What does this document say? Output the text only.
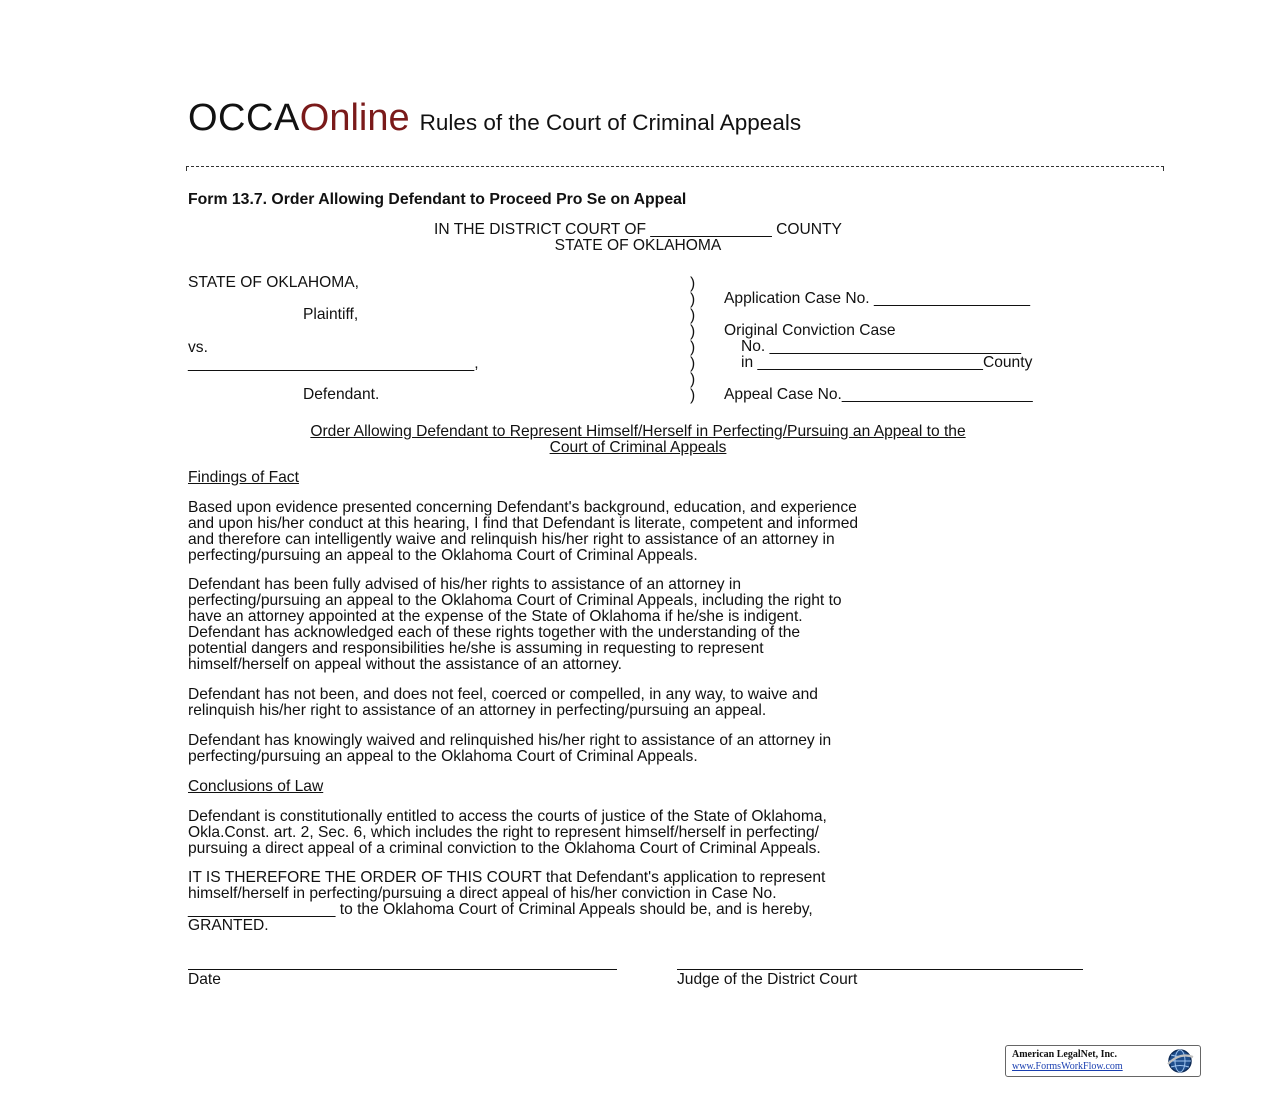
OCCAOnline Rules of the Court of Criminal Appeals
Form 13.7. Order Allowing Defendant to Proceed Pro Se on Appeal
IN THE DISTRICT COURT OF ______________ COUNTY
STATE OF OKLAHOMA
STATE OF OKLAHOMA,
Plaintiff,
vs.
_________________________________,
Defendant.
)
)
)
)
)
)
)
)
Application Case No. __________________
Original Conviction Case
No. _____________________________
in __________________________County
Appeal Case No.______________________
Order Allowing Defendant to Represent Himself/Herself in Perfecting/Pursuing an Appeal to the
Court of Criminal Appeals
Findings of Fact
Based upon evidence presented concerning Defendant's background, education, and experience
and upon his/her conduct at this hearing, I find that Defendant is literate, competent and informed
and therefore can intelligently waive and relinquish his/her right to assistance of an attorney in
perfecting/pursuing an appeal to the Oklahoma Court of Criminal Appeals.
Defendant has been fully advised of his/her rights to assistance of an attorney in
perfecting/pursuing an appeal to the Oklahoma Court of Criminal Appeals, including the right to
have an attorney appointed at the expense of the State of Oklahoma if he/she is indigent.
Defendant has acknowledged each of these rights together with the understanding of the
potential dangers and responsibilities he/she is assuming in requesting to represent
himself/herself on appeal without the assistance of an attorney.
Defendant has not been, and does not feel, coerced or compelled, in any way, to waive and
relinquish his/her right to assistance of an attorney in perfecting/pursuing an appeal.
Defendant has knowingly waived and relinquished his/her right to assistance of an attorney in
perfecting/pursuing an appeal to the Oklahoma Court of Criminal Appeals.
Conclusions of Law
Defendant is constitutionally entitled to access the courts of justice of the State of Oklahoma,
Okla.Const. art. 2, Sec. 6, which includes the right to represent himself/herself in perfecting/
pursuing a direct appeal of a criminal conviction to the Oklahoma Court of Criminal Appeals.
IT IS THEREFORE THE ORDER OF THIS COURT that Defendant's application to represent
himself/herself in perfecting/pursuing a direct appeal of his/her conviction in Case No.
_________________ to the Oklahoma Court of Criminal Appeals should be, and is hereby,
GRANTED.
Date	Judge of the District Court
American LegalNet, Inc.
www.FormsWorkFlow.com
